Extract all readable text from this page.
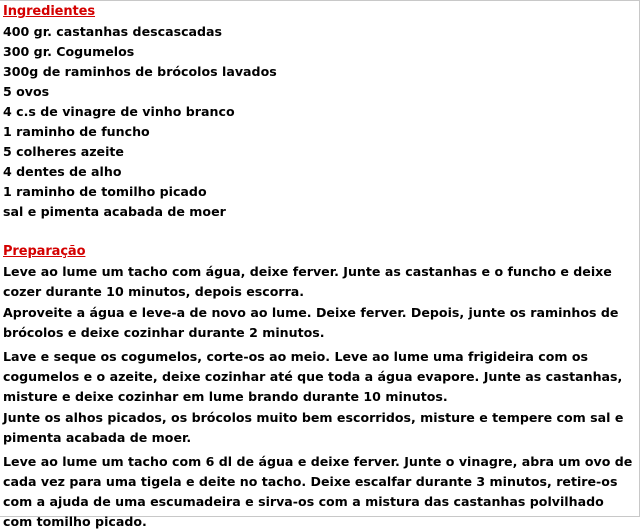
Ingredientes
400 gr. castanhas descascadas
300 gr. Cogumelos
300g de raminhos de brócolos lavados
5 ovos
4 c.s de vinagre de vinho branco
1 raminho de funcho
5 colheres azeite
4 dentes de alho
1 raminho de tomilho picado
sal e pimenta acabada de moer
Preparação

Leve ao lume um tacho com água, deixe ferver. Junte as castanhas e o funcho e deixe cozer durante 10 minutos, depois escorra.

Aproveite a água e leve-a de novo ao lume. Deixe ferver. Depois, junte os raminhos de brócolos e deixe cozinhar durante 2 minutos.

Lave e seque os cogumelos, corte-os ao meio. Leve ao lume uma frigideira com os cogumelos e o azeite, deixe cozinhar até que toda a água evapore. Junte as castanhas, misture e deixe cozinhar em lume brando durante 10 minutos.

Junte os alhos picados, os brócolos muito bem escorridos, misture e tempere com sal e pimenta acabada de moer.

Leve ao lume um tacho com 6 dl de água e deixe ferver. Junte o vinagre, abra um ovo de cada vez para uma tigela e deite no tacho. Deixe escalfar durante 3 minutos, retire-os com a ajuda de uma escumadeira e sirva-os com a mistura das castanhas polvilhado com tomilho picado.
